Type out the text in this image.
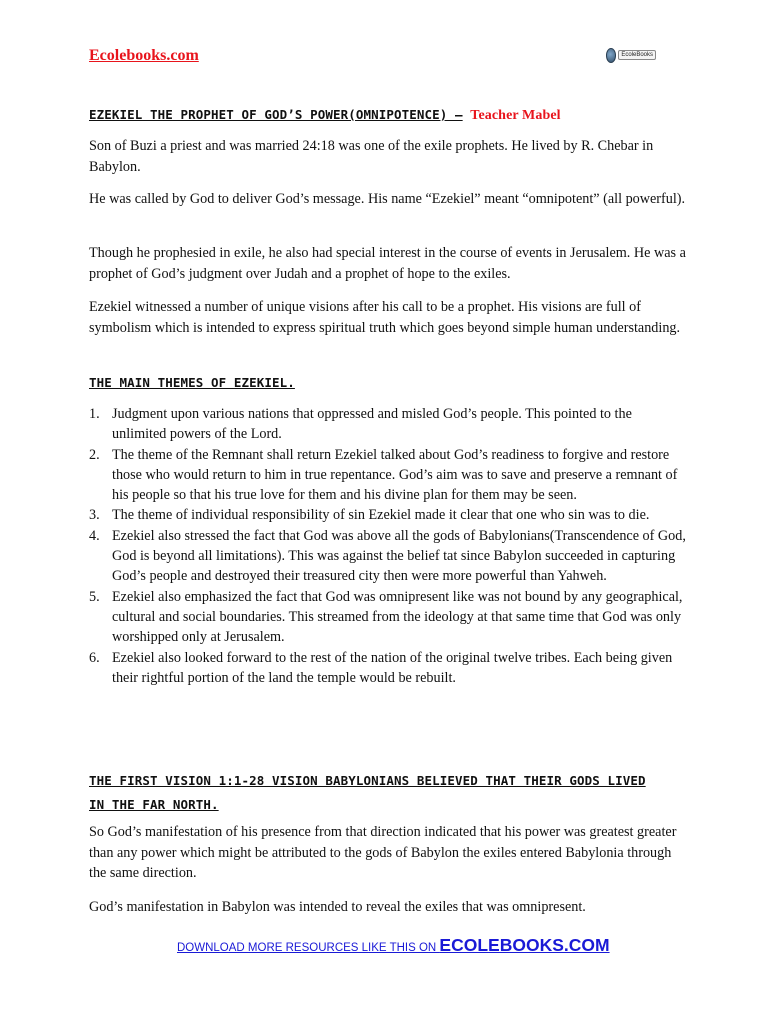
Ecolebooks.com	EcoleBooks
EZEKIEL THE PROPHET OF GOD’S POWER(OMNIPOTENCE) – Teacher Mabel

Son of Buzi a priest and was married 24:18 was one of the exile prophets. He lived by R. Chebar in Babylon.

He was called by God to deliver God’s message. His name “Ezekiel” meant “omnipotent” (all powerful).

Though he prophesied in exile, he also had special interest in the course of events in Jerusalem. He was a prophet of God’s judgment over Judah and a prophet of hope to the exiles.

Ezekiel witnessed a number of unique visions after his call to be a prophet. His visions are full of symbolism which is intended to express spiritual truth which goes beyond simple human understanding.

THE MAIN THEMES OF EZEKIEL.
1. Judgment upon various nations that oppressed and misled God’s people. This pointed to the unlimited powers of the Lord.
2. The theme of the Remnant shall return Ezekiel talked about God’s readiness to forgive and restore those who would return to him in true repentance. God’s aim was to save and preserve a remnant of his people so that his true love for them and his divine plan for them may be seen.
3. The theme of individual responsibility of sin Ezekiel made it clear that one who sin was to die.
4. Ezekiel also stressed the fact that God was above all the gods of Babylonians(Transcendence of God, God is beyond all limitations). This was against the belief tat since Babylon succeeded in capturing God’s people and destroyed their treasured city then were more powerful than Yahweh.
5. Ezekiel also emphasized the fact that God was omnipresent like was not bound by any geographical, cultural and social boundaries. This streamed from the ideology at that same time that God was only worshipped only at Jerusalem.
6. Ezekiel also looked forward to the rest of the nation of the original twelve tribes. Each being given their rightful portion of the land the temple would be rebuilt.
THE FIRST VISION 1:1-28 VISION BABYLONIANS BELIEVED THAT THEIR GODS LIVED
IN THE FAR NORTH.

So God’s manifestation of his presence from that direction indicated that his power was greatest greater than any power which might be attributed to the gods of Babylon the exiles entered Babylonia through the same direction.

God’s manifestation in Babylon was intended to reveal the exiles that was omnipresent.

DOWNLOAD MORE RESOURCES LIKE THIS ON ECOLEBOOKS.COM
